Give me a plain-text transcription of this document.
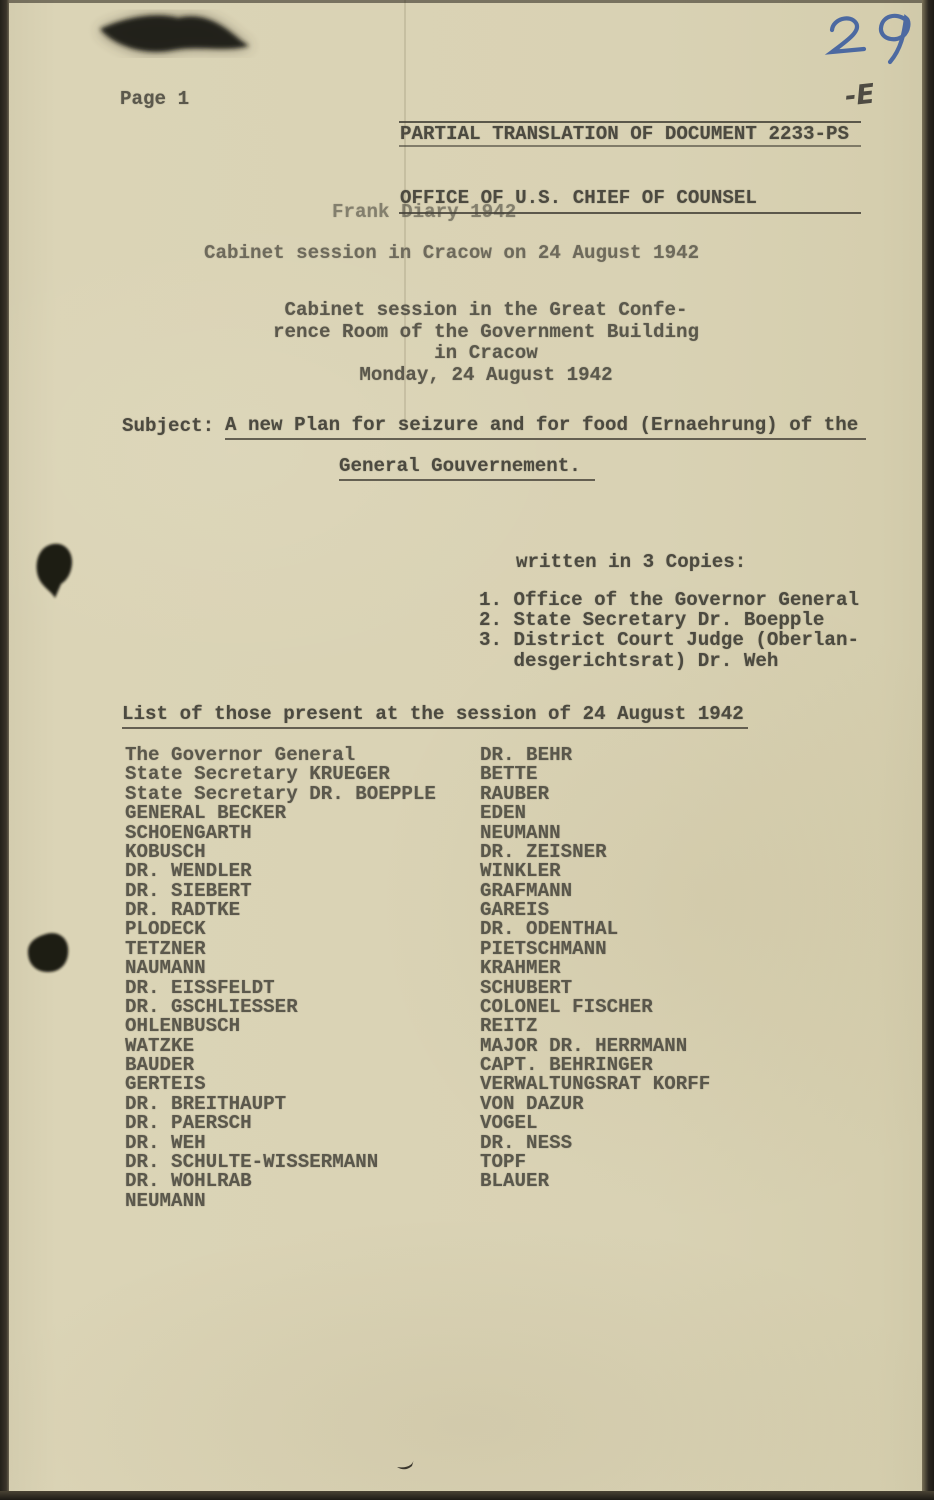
Page 1

PARTIAL TRANSLATION OF DOCUMENT 2233-PS

OFFICE OF U.S. CHIEF OF COUNSEL

-E
Frank Diary 1942
Cabinet session in Cracow on 24 August 1942
Cabinet session in the Great Confe-
rence Room of the Government Building
in Cracow
Monday, 24 August 1942
Subject: A new Plan for seizure and for food (Ernaehrung) of the
General Gouvernement.
written in 3 Copies:
1. Office of the Governor General
2. State Secretary Dr. Boepple
3. District Court Judge (Oberlan-
desgerichtsrat) Dr. Weh
List of those present at the session of 24 August 1942
The Governor General
State Secretary KRUEGER
State Secretary DR. BOEPPLE
GENERAL BECKER
SCHOENGARTH
KOBUSCH
DR. WENDLER
DR. SIEBERT
DR. RADTKE
PLODECK
TETZNER
NAUMANN
DR. EISSFELDT
DR. GSCHLIESSER
OHLENBUSCH
WATZKE
BAUDER
GERTEIS
DR. BREITHAUPT
DR. PAERSCH
DR. WEH
DR. SCHULTE-WISSERMANN
DR. WOHLRAB
NEUMANN
DR. BEHR
BETTE
RAUBER
EDEN
NEUMANN
DR. ZEISNER
WINKLER
GRAFMANN
GAREIS
DR. ODENTHAL
PIETSCHMANN
KRAHMER
SCHUBERT
COLONEL FISCHER
REITZ
MAJOR DR. HERRMANN
CAPT. BEHRINGER
VERWALTUNGSRAT KORFF
VON DAZUR
VOGEL
DR. NESS
TOPF
BLAUER
